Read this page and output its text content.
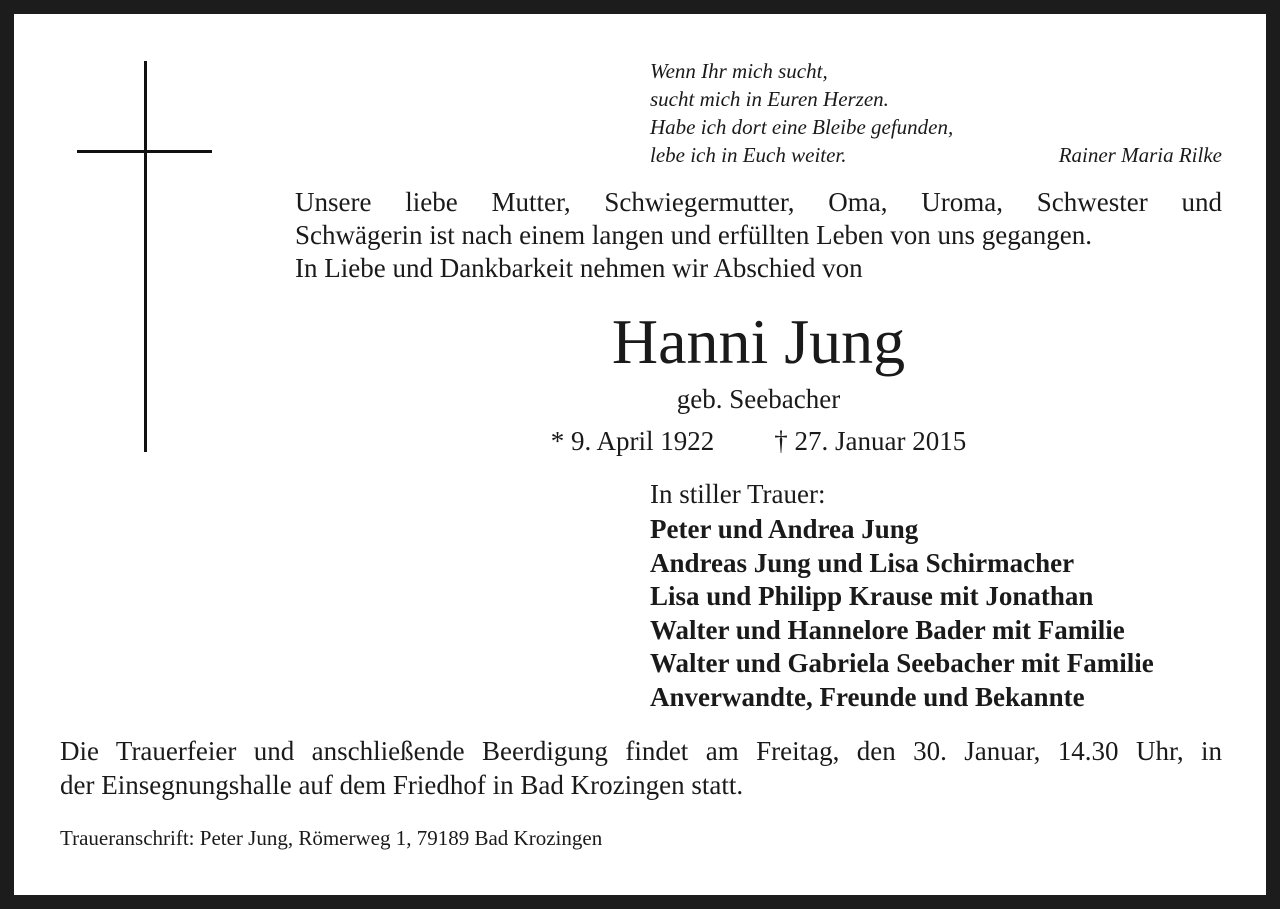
Wenn Ihr mich sucht,
sucht mich in Euren Herzen.
Habe ich dort eine Bleibe gefunden,
lebe ich in Euch weiter.	Rainer Maria Rilke
Unsere liebe Mutter, Schwiegermutter, Oma, Uroma, Schwester und
Schwägerin ist nach einem langen und erfüllten Leben von uns gegangen.
In Liebe und Dankbarkeit nehmen wir Abschied von
Hanni Jung
geb. Seebacher
* 9. April 1922 † 27. Januar 2015
In stiller Trauer:
Peter und Andrea Jung
Andreas Jung und Lisa Schirmacher
Lisa und Philipp Krause mit Jonathan
Walter und Hannelore Bader mit Familie
Walter und Gabriela Seebacher mit Familie
Anverwandte, Freunde und Bekannte
Die Trauerfeier und anschließende Beerdigung findet am Freitag, den 30. Januar, 14.30 Uhr, in
der Einsegnungshalle auf dem Friedhof in Bad Krozingen statt.
Traueranschrift: Peter Jung, Römerweg 1, 79189 Bad Krozingen
